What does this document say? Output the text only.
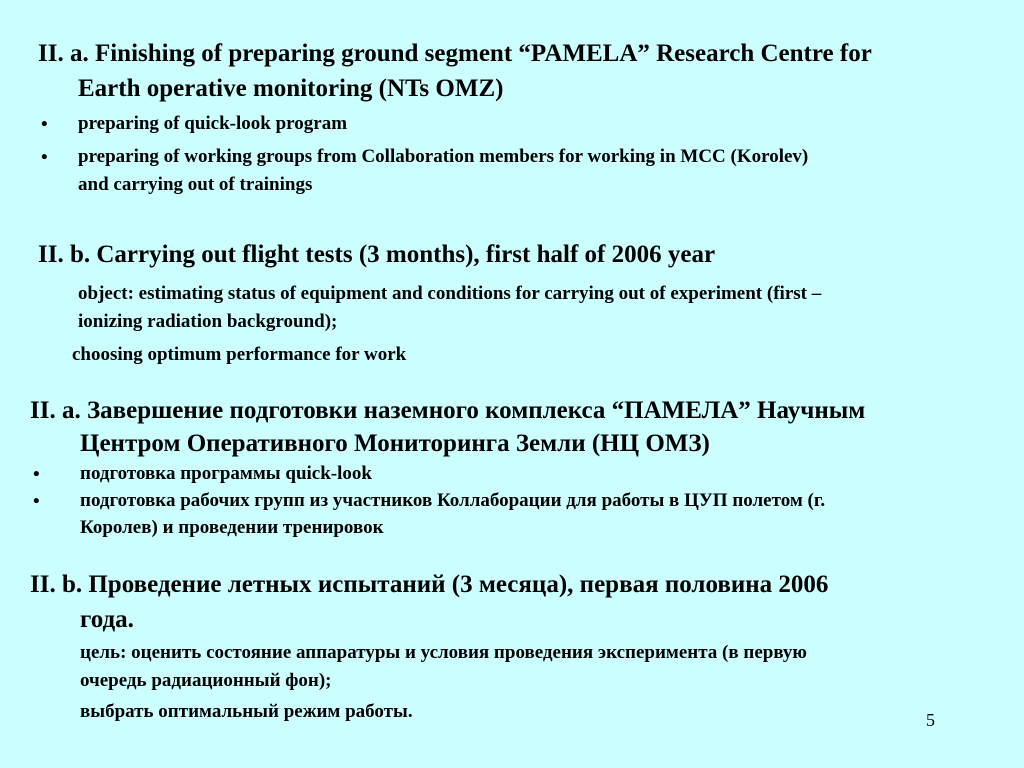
II. a. Finishing of preparing ground segment “PAMELA” Research Centre for

Earth operative monitoring (NTs OMZ)

• preparing of quick-look program

• preparing of working groups from Collaboration members for working in MCC (Korolev)

and carrying out of trainings

II. b. Carrying out flight tests (3 months), first half of 2006 year

object: estimating status of equipment and conditions for carrying out of experiment (first –

ionizing radiation background);

choosing optimum performance for work

II. a. Завершение подготовки наземного комплекса “ПАМЕЛА” Научным

Центром Оперативного Мониторинга Земли (НЦ ОМЗ)

• подготовка программы quick-look

• подготовка рабочих групп из участников Коллаборации для работы в ЦУП полетом (г.

Королев) и проведении тренировок

II. b. Проведение летных испытаний (3 месяца), первая половина 2006

года.

цель: оценить состояние аппаратуры и условия проведения эксперимента (в первую

очередь радиационный фон);

выбрать оптимальный режим работы.	5
